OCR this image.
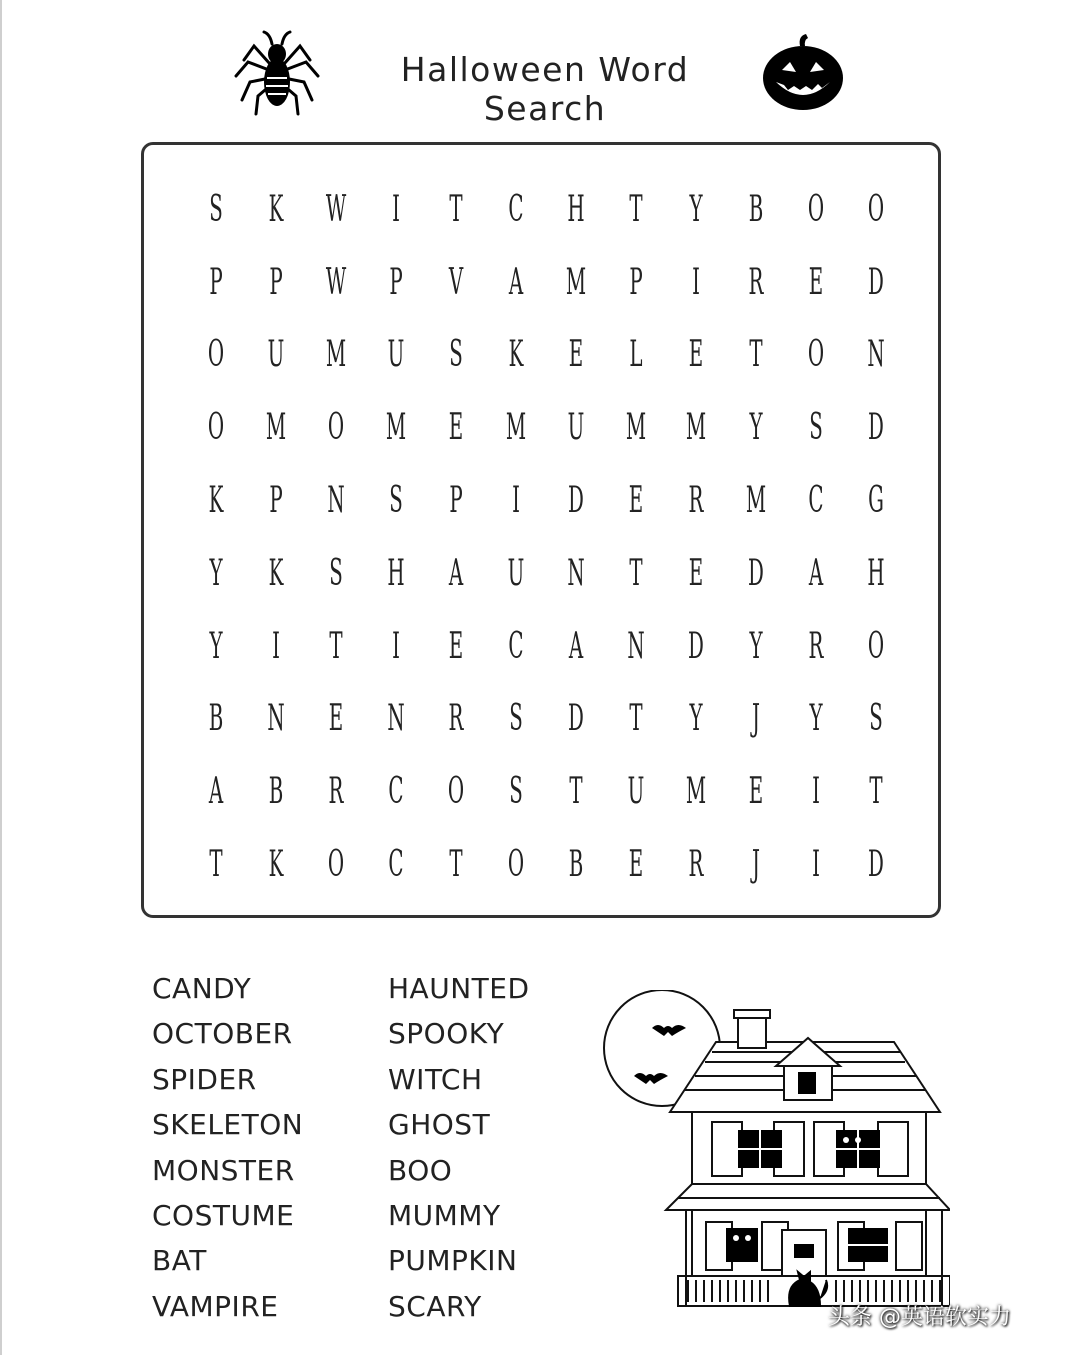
Halloween Word Search
S K W	I	T C H T Y B O O
P P W P V A M P	I	R E D
O U M U S K E L E T O N
O M O M E M U M M Y S D
K P N S P	I	D E R M C G
Y K S H A U N T E D A H
Y	I	T	I	E C A N D Y R O
B N E N R S D T Y	J	Y S
A B R C O S T U M E	I	T
T K O C T O B E R	J	I	D
CANDY
OCTOBER
SPIDER
SKELETON
MONSTER
COSTUME
BAT
VAMPIRE
HAUNTED
SPOOKY
WITCH
GHOST
BOO
MUMMY
PUMPKIN
SCARY	头条 @英语软实力
